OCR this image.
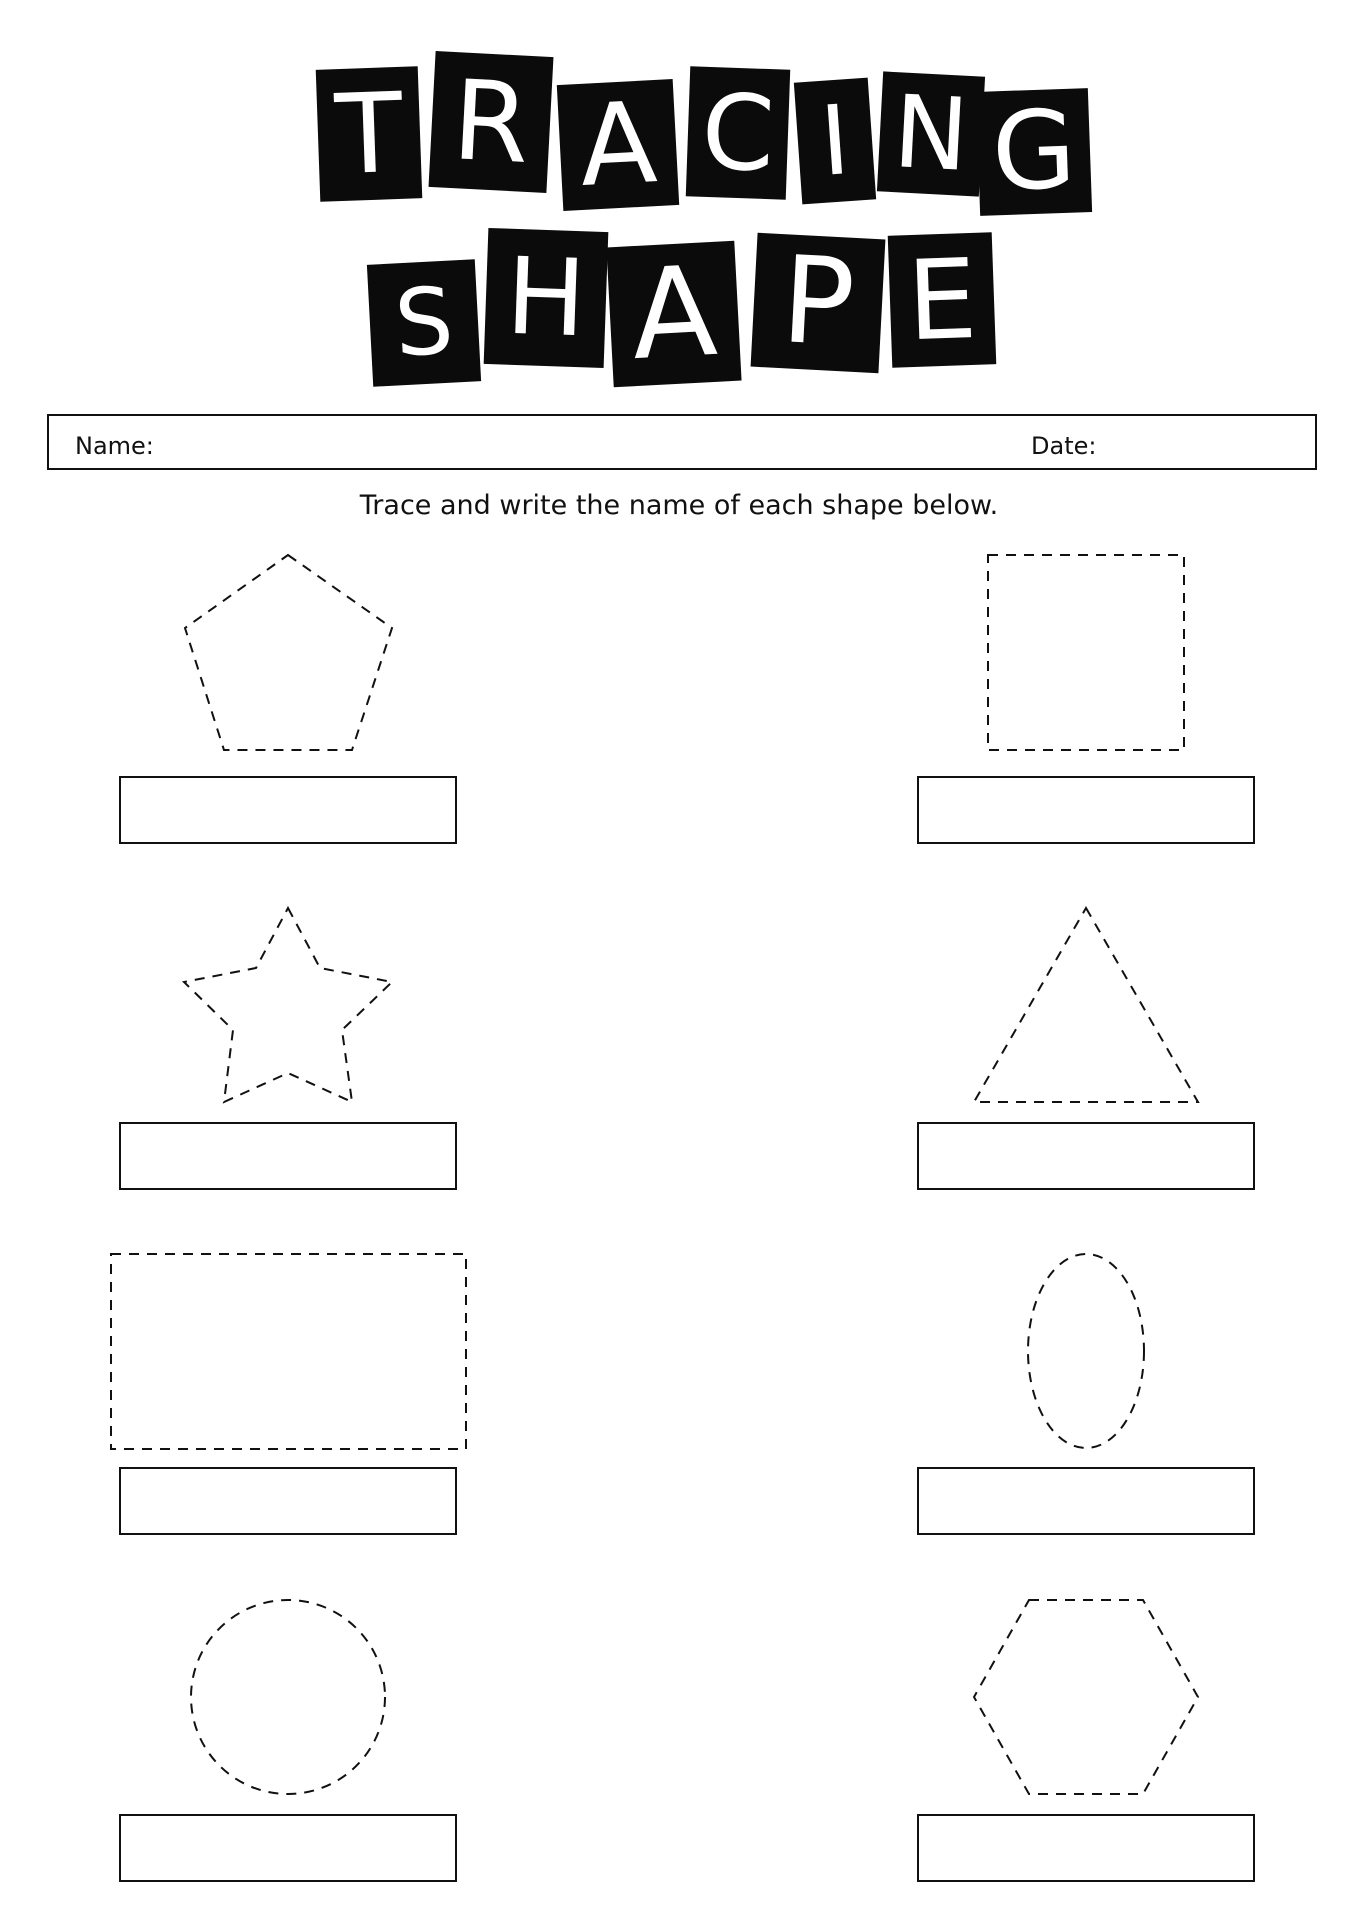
T R A C I N G
S H A P E
Name:	Date:
Trace and write the name of each shape below.
